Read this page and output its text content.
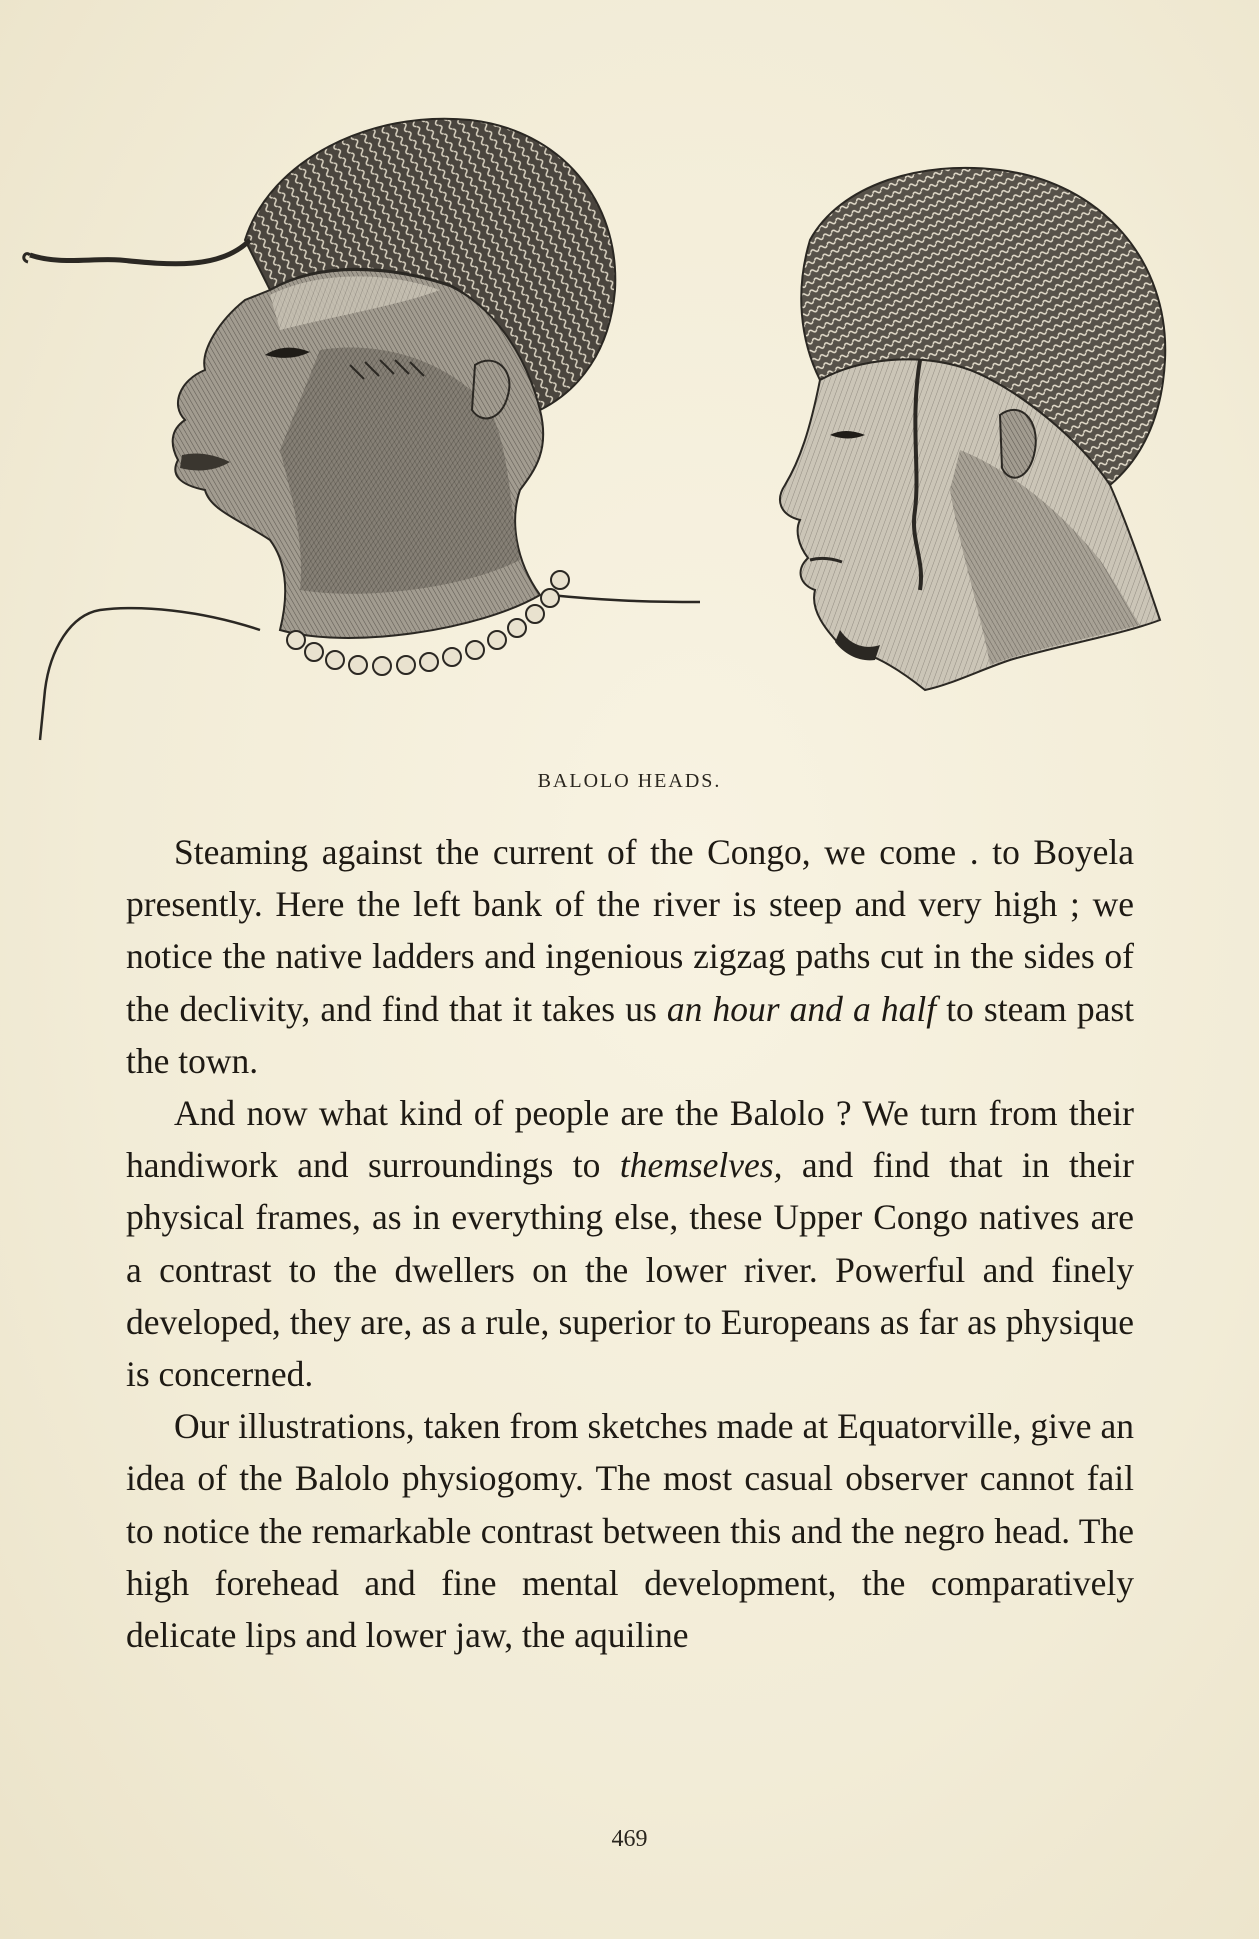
BALOLO HEADS.

Steaming against the current of the Congo, we come . to Boyela presently. Here the left bank of the river is steep and very high ; we notice the native ladders and ingenious zigzag paths cut in the sides of the declivity, and find that it takes us an hour and a half to steam past the town.

And now what kind of people are the Balolo ? We turn from their handiwork and surroundings to themselves, and find that in their physical frames, as in everything else, these Upper Congo natives are a contrast to the dwellers on the lower river. Powerful and finely developed, they are, as a rule, superior to Europeans as far as physique is concerned.

Our illustrations, taken from sketches made at Equatorville, give an idea of the Balolo physiogomy. The most casual observer cannot fail to notice the remarkable contrast between this and the negro head. The high forehead and fine mental development, the comparatively delicate lips and lower jaw, the aquiline

469
